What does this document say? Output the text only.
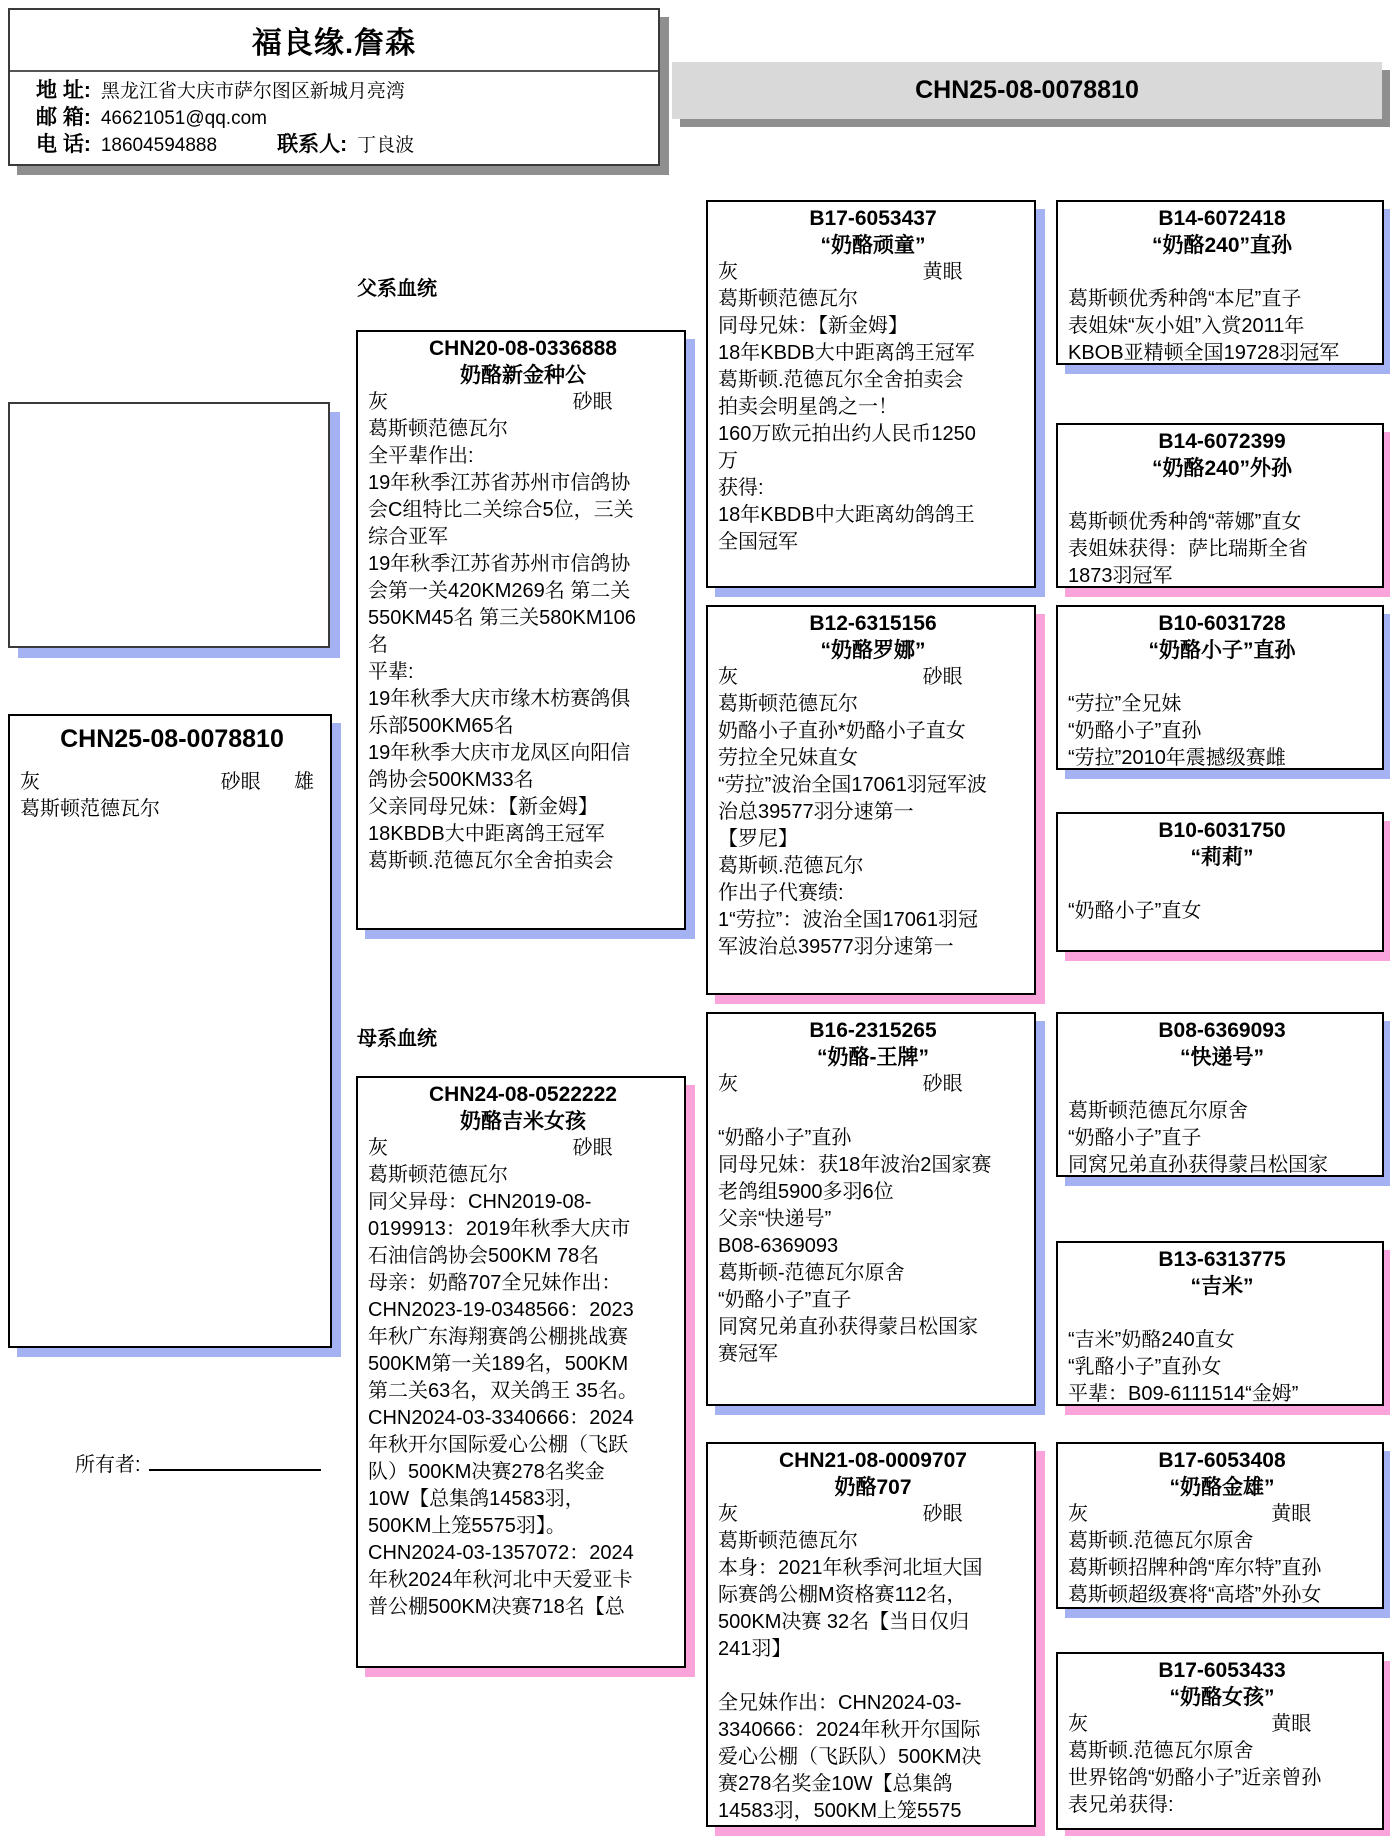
福良缘.詹森
地 址: 黑龙江省大庆市萨尔图区新城月亮湾
邮 箱: 46621051@qq.com
电 话: 18604594888	联系人: 丁良波
CHN25-08-0078810
父系血统
母系血统
所有者:
CHN25-08-0078810
灰	砂眼 雄
葛斯顿范德瓦尔
CHN20-08-0336888
奶酪新金种公
灰	砂眼
葛斯顿范德瓦尔
全平辈作出:
19年秋季江苏省苏州市信鸽协
会C组特比二关综合5位，三关
综合亚军
19年秋季江苏省苏州市信鸽协
会第一关420KM269名 第二关
550KM45名 第三关580KM106
名
平辈:
19年秋季大庆市缘木枋赛鸽俱
乐部500KM65名
19年秋季大庆市龙凤区向阳信
鸽协会500KM33名
父亲同母兄妹：【新金姆】
18KBDB大中距离鸽王冠军
葛斯顿.范德瓦尔全舍拍卖会
CHN24-08-0522222
奶酪吉米女孩
灰	砂眼
葛斯顿范德瓦尔
同父异母：CHN2019-08-
0199913：2019年秋季大庆市
石油信鸽协会500KM 78名
母亲：奶酪707全兄妹作出：
CHN2023-19-0348566：2023
年秋广东海翔赛鸽公棚挑战赛
500KM第一关189名，500KM
第二关63名，双关鸽王 35名。
CHN2024-03-3340666：2024
年秋开尔国际爱心公棚（飞跃
队）500KM决赛278名奖金
10W【总集鸽14583羽，
500KM上笼5575羽】。
CHN2024-03-1357072：2024
年秋2024年秋河北中天爱亚卡
普公棚500KM决赛718名【总
B17-6053437
“奶酪顽童”
灰	黄眼
葛斯顿范德瓦尔
同母兄妹：【新金姆】
18年KBDB大中距离鸽王冠军
葛斯顿.范德瓦尔全舍拍卖会
拍卖会明星鸽之一！
160万欧元拍出约人民币1250
万
获得:
18年KBDB中大距离幼鸽鸽王
全国冠军
B12-6315156
“奶酪罗娜”
灰	砂眼
葛斯顿范德瓦尔
奶酪小子直孙*奶酪小子直女
劳拉全兄妹直女
“劳拉”波治全国17061羽冠军波
治总39577羽分速第一
【罗尼】
葛斯顿.范德瓦尔
作出子代赛绩:
1“劳拉”：波治全国17061羽冠
军波治总39577羽分速第一
B16-2315265
“奶酪-王牌”
灰	砂眼

“奶酪小子”直孙
同母兄妹：获18年波治2国家赛
老鸽组5900多羽6位
父亲“快递号”
B08-6369093
葛斯顿-范德瓦尔原舍
“奶酪小子”直子
同窝兄弟直孙获得蒙吕松国家
赛冠军
CHN21-08-0009707
奶酪707
灰	砂眼
葛斯顿范德瓦尔
本身：2021年秋季河北垣大国
际赛鸽公棚M资格赛112名，
500KM决赛 32名【当日仅归
241羽】

全兄妹作出：CHN2024-03-
3340666：2024年秋开尔国际
爱心公棚（飞跃队）500KM决
赛278名奖金10W【总集鸽
14583羽，500KM上笼5575
B14-6072418
“奶酪240”直孙

葛斯顿优秀种鸽“本尼”直子
表姐妹“灰小姐”入赏2011年
KBOB亚精顿全国19728羽冠军
B14-6072399
“奶酪240”外孙

葛斯顿优秀种鸽“蒂娜”直女
表姐妹获得：萨比瑞斯全省
1873羽冠军
B10-6031728
“奶酪小子”直孙

“劳拉”全兄妹
“奶酪小子”直孙
“劳拉”2010年震撼级赛雌
B10-6031750
“莉莉”

“奶酪小子”直女
B08-6369093
“快递号”

葛斯顿范德瓦尔原舍
“奶酪小子”直子
同窝兄弟直孙获得蒙吕松国家
B13-6313775
“吉米”

“吉米”奶酪240直女
“乳酪小子”直孙女
平辈：B09-6111514“金姆”
B17-6053408
“奶酪金雄”
灰	黄眼
葛斯顿.范德瓦尔原舍
葛斯顿招牌种鸽“库尔特”直孙
葛斯顿超级赛将“高塔”外孙女
B17-6053433
“奶酪女孩”
灰	黄眼
葛斯顿.范德瓦尔原舍
世界铭鸽“奶酪小子”近亲曾孙
表兄弟获得:
